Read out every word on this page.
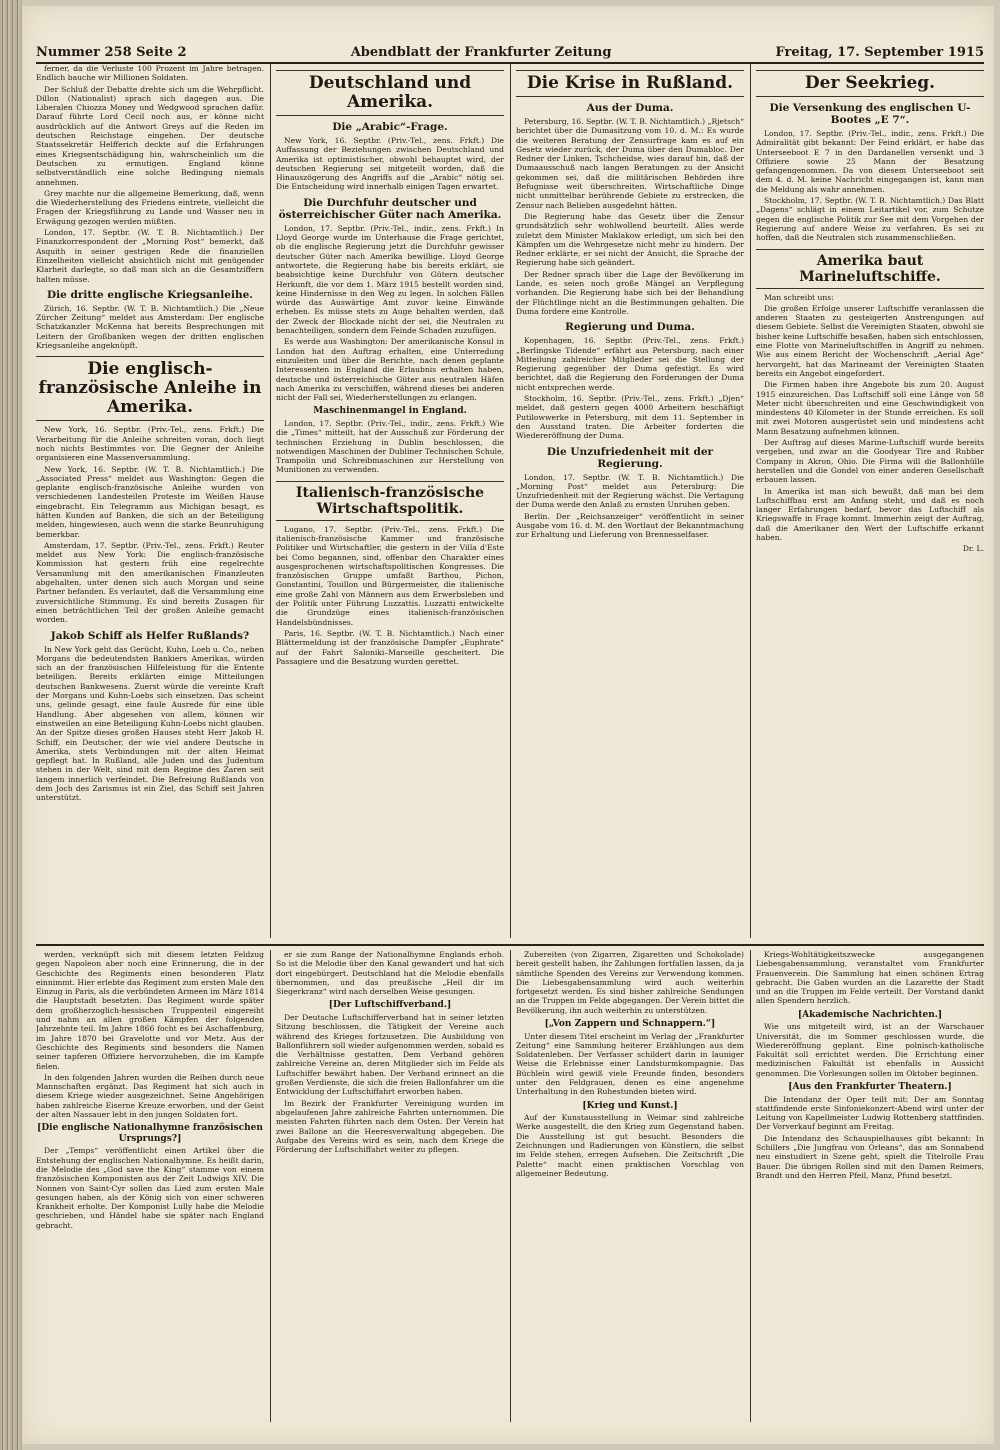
Nummer 258 Seite 2	Abendblatt der Frankfurter Zeitung	Freitag, 17. September 1915

ferner, da die Verluste 100 Prozent im Jahre betragen. Endlich bauche wir Millionen Soldaten.

Der Schluß der Debatte drehte sich um die Wehrpflicht. Dillon (Nationalist) sprach sich dagegen aus. Die Liberalen Chiozza Money und Wedgwood sprachen dafür. Darauf führte Lord Cecil noch aus, er könne nicht ausdrücklich auf die Antwort Greys auf die Reden im deutschen Reichstage eingehen. Der deutsche Staatssekretär Helfferich deckte auf die Erfahrungen eines Kriegsentschädigung hin, wahrscheinlich um die Deutschen zu ermutigen. England könne selbstverständlich eine solche Bedingung niemals annehmen.

Grey machte nur die allgemeine Bemerkung, daß, wenn die Wiederherstellung des Friedens eintrete, vielleicht die Fragen der Kriegsführung zu Lande und Wasser neu in Erwägung gezogen werden müßten.

London, 17. Septbr. (W. T. B. Nichtamtlich.) Der Finanzkorrespondent der „Morning Post“ bemerkt, daß Asquith in seiner gestrigen Rede die finanziellen Einzelheiten vielleicht absichtlich nicht mit genügender Klarheit darlegte, so daß man sich an die Gesamtziffern halten müsse.

Die dritte englische Kriegsanleihe.

Zürich, 16. Septbr. (W. T. B. Nichtamtlich.) Die „Neue Zürcher Zeitung“ meldet aus Amsterdam: Der englische Schatzkanzler McKenna hat bereits Besprechungen mit Leitern der Großbanken wegen der dritten englischen Kriegsanleihe angeknüpft.

Die englisch-französische Anleihe in Amerika.

New York, 16. Septbr. (Priv.-Tel., zens. Frkft.) Die Verarbeitung für die Anleihe schreiten voran, doch liegt noch nichts Bestimmtes vor. Die Gegner der Anleihe organisieren eine Massenversammlung.

New York, 16. Septbr. (W. T. B. Nichtamtlich.) Die „Associated Press“ meldet aus Washington: Gegen die geplante englisch-französische Anleihe wurden von verschiedenen Landesteilen Proteste im Weißen Hause eingebracht. Ein Telegramm aus Michigan besagt, es hätten Kunden auf Banken, die sich an der Beteiligung melden, hingewiesen, auch wenn die starke Beunruhigung bemerkbar.

Amsterdam, 17. Septbr. (Priv.-Tel., zens. Frkft.) Reuter meldet aus New York: Die englisch-französische Kommission hat gestern früh eine regelrechte Versammlung mit den amerikanischen Finanzleuten abgehalten, unter denen sich auch Morgan und seine Partner befanden. Es verlautet, daß die Versammlung eine zuversichtliche Stimmung. Es sind bereits Zusagen für einen beträchtlichen Teil der großen Anleihe gemacht worden.

Jakob Schiff als Helfer Rußlands?

In New York geht das Gerücht, Kuhn, Loeb u. Co., neben Morgans die bedeutendsten Bankiers Amerikas, würden sich an der französischen Hilfeleistung für die Entente beteiligen. Bereits erklärten einige Mitteilungen deutschen Bankwesens. Zuerst würde die vereinte Kraft der Morgans und Kuhn-Loebs sich einsetzen. Das scheint uns, gelinde gesagt, eine faule Ausrede für eine üble Handlung. Aber abgesehen von allem, können wir einstweilen an eine Beteiligung Kuhn-Loebs nicht glauben. An der Spitze dieses großen Hauses steht Herr Jakob H. Schiff, ein Deutscher, der wie viel andere Deutsche in Amerika, stets Verbindungen mit der alten Heimat gepflegt hat. In Rußland, alle Juden und das Judentum stehen in der Welt, sind mit dem Regime des Zaren seit langem innerlich verfeindet. Die Befreiung Rußlands von dem Joch des Zarismus ist ein Ziel, das Schiff seit Jahren unterstützt.

Deutschland und Amerika.
Die „Arabic“-Frage.

New York, 16. Septbr. (Priv.-Tel., zens. Frkft.) Die Auffassung der Beziehungen zwischen Deutschland und Amerika ist optimistischer, obwohl behauptet wird, der deutschen Regierung sei mitgeteilt worden, daß die Hinauszögerung des Angriffs auf die „Arabic“ nötig sei. Die Entscheidung wird innerhalb einigen Tagen erwartet.

Die Durchfuhr deutscher und österreichischer Güter nach Amerika.

London, 17. Septbr. (Priv.-Tel., indir., zens. Frkft.) In Lloyd George wurde im Unterhause die Frage gerichtet, ob die englische Regierung jetzt die Durchfuhr gewisser deutscher Güter nach Amerika bewillige. Lloyd George antwortete, die Regierung habe bis bereits erklärt, sie beabsichtige keine Durchfuhr von Gütern deutscher Herkunft, die vor dem 1. März 1915 bestellt worden sind, keine Hindernisse in den Weg zu legen. In solchen Fällen würde das Auswärtige Amt zuvor keine Einwände erheben. Es müsse stets zu Auge behalten werden, daß der Zweck der Blockade nicht der sei, die Neutralen zu benachteiligen, sondern dem Feinde Schaden zuzufügen.

Es werde aus Washington: Der amerikanische Konsul in London hat den Auftrag erhalten, eine Unterredung einzuleiten und über die Berichte, nach denen geplante Interessenten in England die Erlaubnis erhalten haben, deutsche und österreichische Güter aus neutralen Häfen nach Amerika zu verschiffen, während dieses bei anderen nicht der Fall sei, Wiederherstellungen zu erlangen.

Maschinenmangel in England.

London, 17. Septbr. (Priv.-Tel., indir., zens. Frkft.) Wie die „Times“ mitteilt, hat der Ausschuß zur Förderung der technischen Erziehung in Dublin beschlossen, die notwendigen Maschinen der Dubliner Technischen Schule, Trampolin und Schreibmaschinen zur Herstellung von Munitionen zu verwenden.

Italienisch-französische Wirtschaftspolitik.

Lugano, 17. Septbr. (Priv.-Tel., zens. Frkft.) Die italienisch-französische Kammer und französische Politiker und Wirtschaftler, die gestern in der Villa d'Este bei Como begannen, sind, offenbar den Charakter eines ausgesprochenen wirtschaftspolitischen Kongresses. Die französischen Gruppe umfaßt Barthou, Pichon, Gonstantini, Touillon und Bürgermeister, die italienische eine große Zahl von Männern aus dem Erwerbsleben und der Politik unter Führung Luzzattis. Luzzatti entwickelte die Grundzüge eines italienisch-französischen Handelsbündnisses.

Paris, 16. Septbr. (W. T. B. Nichtamtlich.) Nach einer Blättermeldung ist der französische Dampfer „Euphrate“ auf der Fahrt Saloniki–Marseille gescheitert. Die Passagiere und die Besatzung wurden gerettet.

Die Krise in Rußland.
Aus der Duma.

Petersburg, 16. Septbr. (W. T. B. Nichtamtlich.) „Rjetsch“ berichtet über die Dumasitzung vom 10. d. M.: Es wurde die weiteren Beratung der Zensurfrage kam es auf ein Gesetz wieder zurück, der Duma über den Dumabloc. Der Redner der Linken, Tschcheidse, wies darauf hin, daß der Dumaausschuß nach langen Beratungen zu der Ansicht gekommen sei, daß die militärischen Behörden ihre Befugnisse weit überschreiten. Wirtschaftliche Dinge nicht unmittelbar berührende Gebiete zu erstrecken, die Zensur nach Belieben ausgedehnt hätten.

Die Regierung habe das Gesetz über die Zensur grundsätzlich sehr wohlwollend beurteilt. Alles werde zuletzt dem Minister Maklakow erledigt, um sich bei den Kämpfen um die Wehrgesetze nicht mehr zu hindern. Der Redner erklärte, er sei nicht der Ansicht, die Sprache der Regierung habe sich geändert.

Der Redner sprach über die Lage der Bevölkerung im Lande, es seien noch große Mängel an Verpflegung vorhanden. Die Regierung habe sich bei der Behandlung der Flüchtlinge nicht an die Bestimmungen gehalten. Die Duma fordere eine Kontrolle.

Regierung und Duma.

Kopenhagen, 16. Septbr. (Priv.-Tel., zens. Frkft.) „Berlingske Tidende“ erfährt aus Petersburg, nach einer Mitteilung zahlreicher Mitglieder sei die Stellung der Regierung gegenüber der Duma gefestigt. Es wird berichtet, daß die Regierung den Forderungen der Duma nicht entsprechen werde.

Stockholm, 16. Septbr. (Priv.-Tel., zens. Frkft.) „Djen“ meldet, daß gestern gegen 4000 Arbeitern beschäftigt Putilowwerke in Petersburg, mit dem 11. September in den Ausstand traten. Die Arbeiter forderten die Wiedereröffnung der Duma.

Die Unzufriedenheit mit der Regierung.

London, 17. Septbr. (W. T. B. Nichtamtlich.) Die „Morning Post“ meldet aus Petersburg: Die Unzufriedenheit mit der Regierung wächst. Die Vertagung der Duma werde den Anlaß zu ernsten Unruhen geben.

Berlin. Der „Reichsanzeiger“ veröffentlicht in seiner Ausgabe vom 16. d. M. den Wortlaut der Bekanntmachung zur Erhaltung und Lieferung von Brennesselfaser.

Der Seekrieg.
Die Versenkung des englischen U-Bootes „E 7“.

London, 17. Septbr. (Priv.-Tel., indir., zens. Frkft.) Die Admiralität gibt bekannt: Der Feind erklärt, er habe das Unterseeboot E 7 in den Dardanellen versenkt und 3 Offiziere sowie 25 Mann der Besatzung gefangengenommen. Da von diesem Unterseeboot seit dem 4. d. M. keine Nachricht eingegangen ist, kann man die Meldung als wahr annehmen.

Stockholm, 17. Septbr. (W. T. B. Nichtamtlich.) Das Blatt „Dagens“ schlägt in einem Leitartikel vor, zum Schutze gegen die englische Politik zur See mit dem Vorgehen der Regierung auf andere Weise zu verfahren. Es sei zu hoffen, daß die Neutralen sich zusammenschließen.

Amerika baut Marineluftschiffe.

Man schreibt uns:

Die großen Erfolge unserer Luftschiffe veranlassen die anderen Staaten zu gesteigerten Anstrengungen auf diesem Gebiete. Selbst die Vereinigten Staaten, obwohl sie bisher keine Luftschiffe besaßen, haben sich entschlossen, eine Flotte von Marineluftschiffen in Angriff zu nehmen. Wie aus einem Bericht der Wochenschrift „Aerial Age“ hervorgeht, hat das Marineamt der Vereinigten Staaten bereits ein Angebot eingefordert.

Die Firmen haben ihre Angebote bis zum 20. August 1915 einzureichen. Das Luftschiff soll eine Länge von 58 Meter nicht überschreiten und eine Geschwindigkeit von mindestens 40 Kilometer in der Stunde erreichen. Es soll mit zwei Motoren ausgerüstet sein und mindestens acht Mann Besatzung aufnehmen können.

Der Auftrag auf dieses Marine-Luftschiff wurde bereits vergeben, und zwar an die Goodyear Tire and Rubber Company in Akron, Ohio. Die Firma will die Ballonhülle herstellen und die Gondel von einer anderen Gesellschaft erbauen lassen.

In Amerika ist man sich bewußt, daß man bei dem Luftschiffbau erst am Anfang steht, und daß es noch langer Erfahrungen bedarf, bevor das Luftschiff als Kriegswaffe in Frage kommt. Immerhin zeigt der Auftrag, daß die Amerikaner den Wert der Luftschiffe erkannt haben.

Dr. L.

werden, verknüpft sich mit diesem letzten Feldzug gegen Napoleon aber noch eine Erinnerung, die in der Geschichte des Regiments einen besonderen Platz einnimmt. Hier erlebte das Regiment zum ersten Male den Einzug in Paris, als die verbündeten Armeen im März 1814 die Hauptstadt besetzten. Das Regiment wurde später dem großherzoglich-hessischen Truppenteil eingereiht und nahm an allen großen Kämpfen der folgenden Jahrzehnte teil. Im Jahre 1866 focht es bei Aschaffenburg, im Jahre 1870 bei Gravelotte und vor Metz. Aus der Geschichte des Regiments sind besonders die Namen seiner tapferen Offiziere hervorzuheben, die im Kampfe fielen.

In den folgenden Jahren wurden die Reihen durch neue Mannschaften ergänzt. Das Regiment hat sich auch in diesem Kriege wieder ausgezeichnet. Seine Angehörigen haben zahlreiche Eiserne Kreuze erworben, und der Geist der alten Nassauer lebt in den jungen Soldaten fort.

[Die englische Nationalhymne französischen Ursprungs?]

Der „Temps“ veröffentlicht einen Artikel über die Entstehung der englischen Nationalhymne. Es heißt darin, die Melodie des „God save the King“ stamme von einem französischen Komponisten aus der Zeit Ludwigs XIV. Die Nonnen von Saint-Cyr sollen das Lied zum ersten Male gesungen haben, als der König sich von einer schweren Krankheit erholte. Der Komponist Lully habe die Melodie geschrieben, und Händel habe sie später nach England gebracht.

er sie zum Range der Nationalhymne Englands erhob. So ist die Melodie über den Kanal gewandert und hat sich dort eingebürgert. Deutschland hat die Melodie ebenfalls übernommen, und das preußische „Heil dir im Siegerkranz“ wird nach derselben Weise gesungen.

[Der Luftschiffverband.]

Der Deutsche Luftschifferverband hat in seiner letzten Sitzung beschlossen, die Tätigkeit der Vereine auch während des Krieges fortzusetzen. Die Ausbildung von Ballonführern soll wieder aufgenommen werden, sobald es die Verhältnisse gestatten. Dem Verband gehören zahlreiche Vereine an, deren Mitglieder sich im Felde als Luftschiffer bewährt haben. Der Verband erinnert an die großen Verdienste, die sich die freien Ballonfahrer um die Entwicklung der Luftschiffahrt erworben haben.

Im Bezirk der Frankfurter Vereinigung wurden im abgelaufenen Jahre zahlreiche Fahrten unternommen. Die meisten Fahrten führten nach dem Osten. Der Verein hat zwei Ballone an die Heeresverwaltung abgegeben. Die Aufgabe des Vereins wird es sein, nach dem Kriege die Förderung der Luftschiffahrt weiter zu pflegen.

Zubereiten (von Zigarren, Zigaretten und Schokolade) bereit gestellt haben, ihr Zahlungen fortfallen lassen, da ja sämtliche Spenden des Vereins zur Verwendung kommen. Die Liebesgabensammlung wird auch weiterhin fortgesetzt werden. Es sind bisher zahlreiche Sendungen an die Truppen im Felde abgegangen. Der Verein bittet die Bevölkerung, ihn auch weiterhin zu unterstützen.

[„Von Zappern und Schnappern.“]

Unter diesem Titel erscheint im Verlag der „Frankfurter Zeitung“ eine Sammlung heiterer Erzählungen aus dem Soldatenleben. Der Verfasser schildert darin in launiger Weise die Erlebnisse einer Landsturmkompagnie. Das Büchlein wird gewiß viele Freunde finden, besonders unter den Feldgrauen, denen es eine angenehme Unterhaltung in den Ruhestunden bieten wird.

[Krieg und Kunst.]

Auf der Kunstausstellung in Weimar sind zahlreiche Werke ausgestellt, die den Krieg zum Gegenstand haben. Die Ausstellung ist gut besucht. Besonders die Zeichnungen und Radierungen von Künstlern, die selbst im Felde stehen, erregen Aufsehen. Die Zeitschrift „Die Palette“ macht einen praktischen Vorschlag von allgemeiner Bedeutung.

Kriegs-Wohltätigkeitszwecke ausgegangenen Liebesgabensammlung, veranstaltet vom Frankfurter Frauenverein. Die Sammlung hat einen schönen Ertrag gebracht. Die Gaben wurden an die Lazarette der Stadt und an die Truppen im Felde verteilt. Der Vorstand dankt allen Spendern herzlich.

[Akademische Nachrichten.]

Wie uns mitgeteilt wird, ist an der Warschauer Universität, die im Sommer geschlossen wurde, die Wiedereröffnung geplant. Eine polnisch-katholische Fakultät soll errichtet werden. Die Errichtung einer medizinischen Fakultät ist ebenfalls in Aussicht genommen. Die Vorlesungen sollen im Oktober beginnen.

[Aus den Frankfurter Theatern.]

Die Intendanz der Oper teilt mit: Der am Sonntag stattfindende erste Sinfoniekonzert-Abend wird unter der Leitung von Kapellmeister Ludwig Rottenberg stattfinden. Der Vorverkauf beginnt am Freitag.

Die Intendanz des Schauspielhauses gibt bekannt: In Schillers „Die Jungfrau von Orleans“, das am Sonnabend neu einstudiert in Szene geht, spielt die Titelrolle Frau Bauer. Die übrigen Rollen sind mit den Damen Reimers, Brandt und den Herren Pfeil, Manz, Pfund besetzt.
